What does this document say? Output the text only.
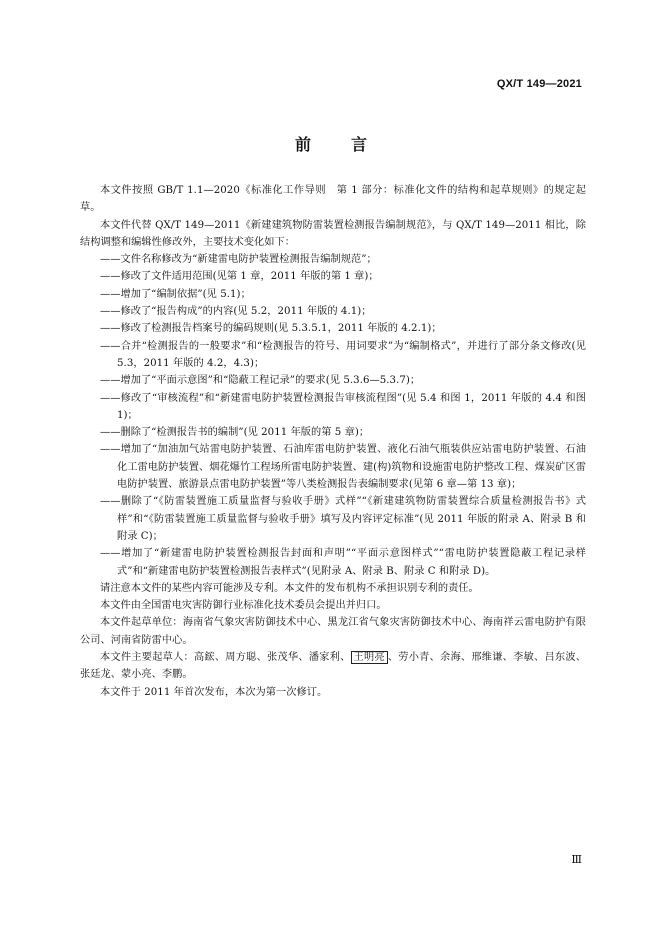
QX/T 149—2021
前	言

本文件按照 GB/T 1.1—2020《标准化工作导则　第 1 部分：标准化文件的结构和起草规则》的规定起草。

本文件代替 QX/T 149—2011《新建建筑物防雷装置检测报告编制规范》，与 QX/T 149—2011 相比，除结构调整和编辑性修改外，主要技术变化如下：

——文件名称修改为“新建雷电防护装置检测报告编制规范”；

——修改了文件适用范围(见第 1 章，2011 年版的第 1 章)；

——增加了“编制依据”(见 5.1)；

——修改了“报告构成”的内容(见 5.2，2011 年版的 4.1)；

——修改了检测报告档案号的编码规则(见 5.3.5.1，2011 年版的 4.2.1)；

——合并“检测报告的一般要求”和“检测报告的符号、用词要求”为“编制格式”，并进行了部分条文修改(见 5.3，2011 年版的 4.2，4.3)；

——增加了“平面示意图”和“隐蔽工程记录”的要求(见 5.3.6—5.3.7)；

——修改了“审核流程”和“新建雷电防护装置检测报告审核流程图”(见 5.4 和图 1，2011 年版的 4.4 和图 1)；

——删除了“检测报告书的编制”(见 2011 年版的第 5 章)；

——增加了“加油加气站雷电防护装置、石油库雷电防护装置、液化石油气瓶装供应站雷电防护装置、石油化工雷电防护装置、烟花爆竹工程场所雷电防护装置、建(构)筑物和设施雷电防护整改工程、煤炭矿区雷电防护装置、旅游景点雷电防护装置”等八类检测报告表编制要求(见第 6 章—第 13 章)；

——删除了“《防雷装置施工质量监督与验收手册》式样”“《新建建筑物防雷装置综合质量检测报告书》式样”和“《防雷装置施工质量监督与验收手册》填写及内容评定标准”(见 2011 年版的附录 A、附录 B 和附录 C)；

——增加了“新建雷电防护装置检测报告封面和声明”“平面示意图样式”“雷电防护装置隐蔽工程记录样式”和“新建雷电防护装置检测报告表样式”(见附录 A、附录 B、附录 C 和附录 D)。

请注意本文件的某些内容可能涉及专利。本文件的发布机构不承担识别专利的责任。

本文件由全国雷电灾害防御行业标准化技术委员会提出并归口。

本文件起草单位：海南省气象灾害防御技术中心、黑龙江省气象灾害防御技术中心、海南祥云雷电防护有限公司、河南省防雷中心。

本文件主要起草人：高鋐、周方聪、张茂华、潘家利、 王明亮 、劳小青、余海、邢维谦、李敏、吕东波、张廷龙、蒙小亮、李鹏。

本文件于 2011 年首次发布，本次为第一次修订。

Ⅲ
